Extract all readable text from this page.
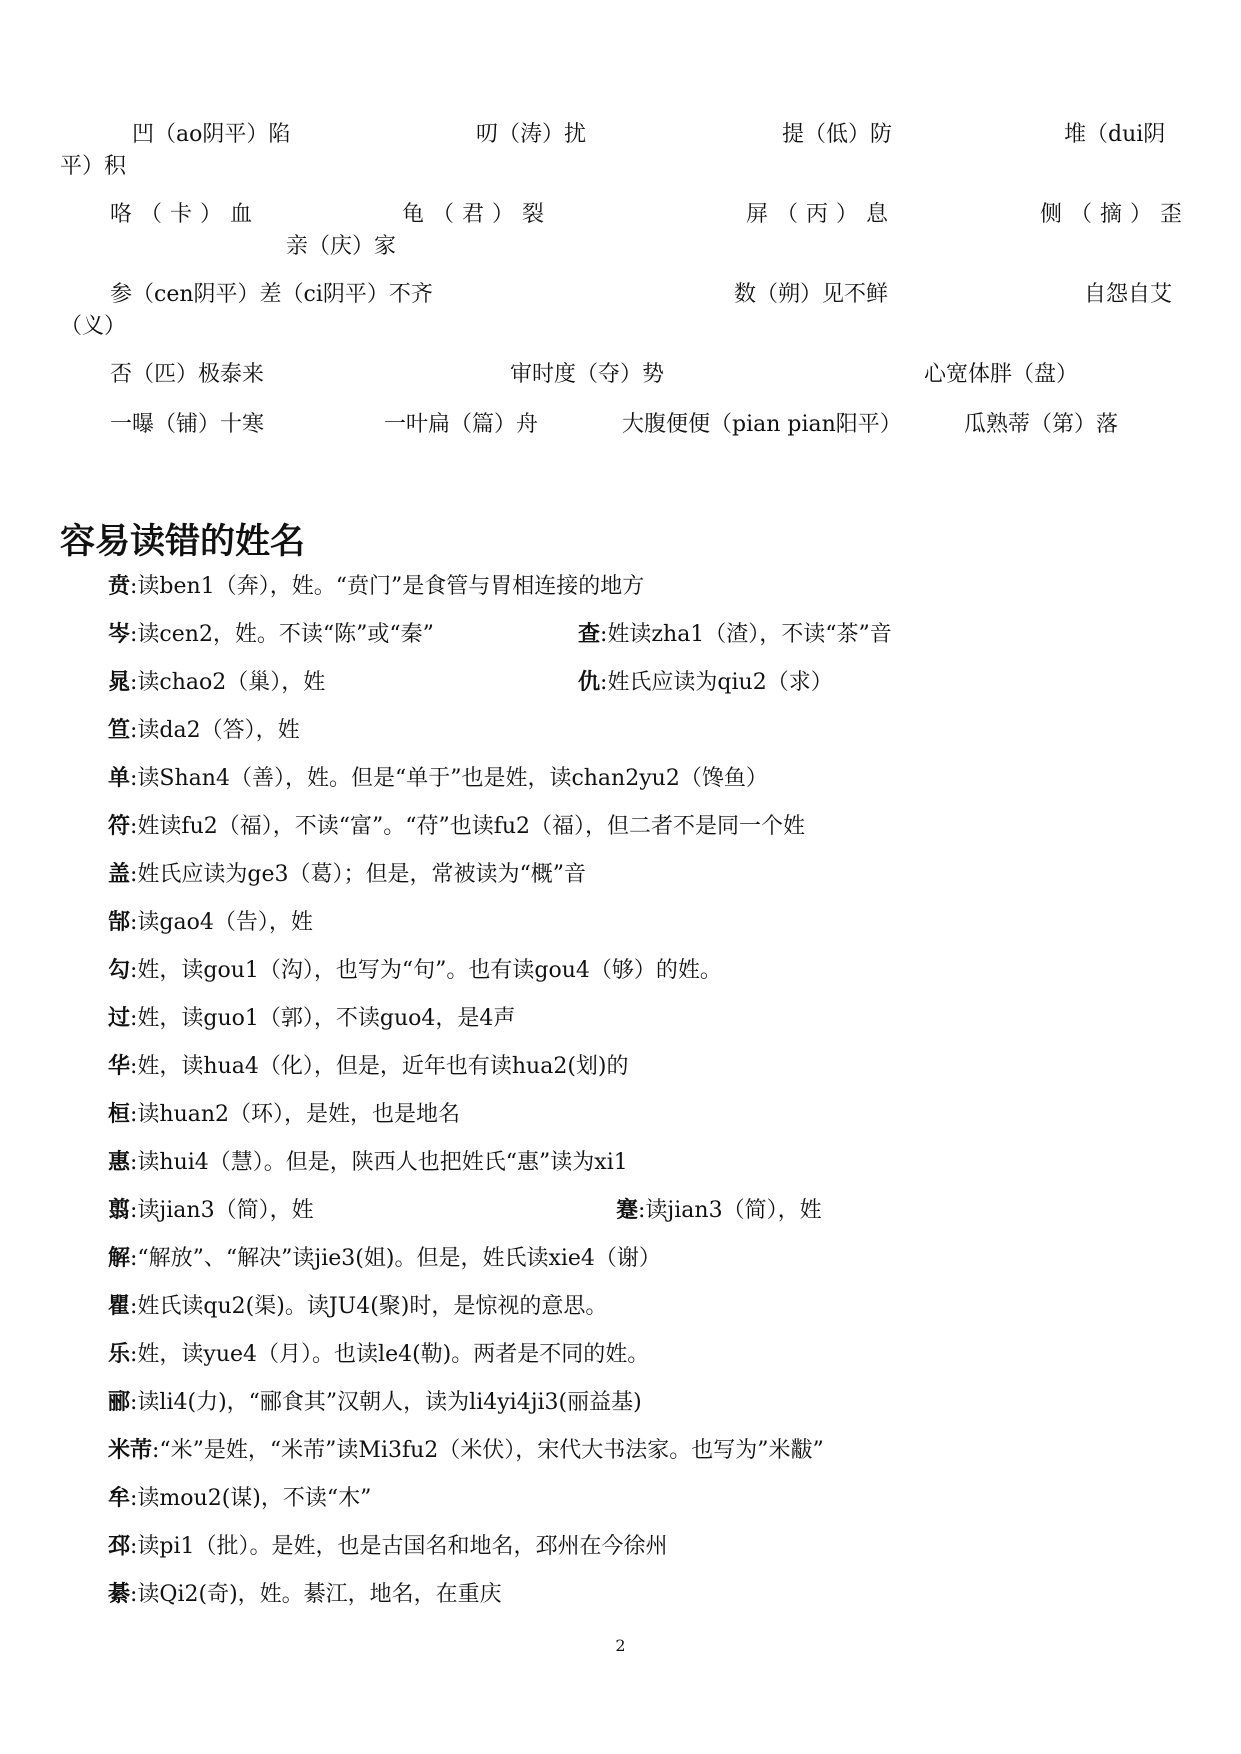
凹（ao阴平）陷	叨（涛）扰	提（低）防	堆（dui阴
平）积
咯（卡）血	龟（君）裂	屏（丙）息	侧（摘）歪
亲（庆）家
参（cen阴平）差（ci阴平）不齐	数（朔）见不鲜	自怨自艾
（义）
否（匹）极泰来	审时度（夺）势	心宽体胖（盘）
一曝（铺）十寒	一叶扁（篇）舟	大腹便便（pian pian阳平）	瓜熟蒂（第）落
容易读错的姓名
贲:读ben1（奔），姓。“贲门”是食管与胃相连接的地方
岑:读cen2，姓。不读“陈”或“秦”	查:姓读zha1（渣），不读“茶”音
晁:读chao2（巢），姓	仇:姓氏应读为qiu2（求）
笪:读da2（答），姓
单:读Shan4（善），姓。但是“单于”也是姓，读chan2yu2（馋鱼）
符:姓读fu2（福），不读“富”。“苻”也读fu2（福），但二者不是同一个姓
盖:姓氏应读为ge3（葛）；但是，常被读为“概”音
郜:读gao4（告），姓
勾:姓，读gou1（沟），也写为“句”。也有读gou4（够）的姓。
过:姓，读guo1（郭），不读guo4，是4声
华:姓，读hua4（化），但是，近年也有读hua2(划)的
桓:读huan2（环），是姓，也是地名
惠:读hui4（慧）。但是，陕西人也把姓氏“惠”读为xi1
翦:读jian3（简），姓	蹇:读jian3（简），姓
解:“解放”、“解决”读jie3(姐)。但是，姓氏读xie4（谢）
瞿:姓氏读qu2(渠)。读JU4(聚)时，是惊视的意思。
乐:姓，读yue4（月）。也读le4(勒)。两者是不同的姓。
郦:读li4(力)，“郦食其”汉朝人，读为li4yi4ji3(丽益基)
米芾:“米”是姓，“米芾”读Mi3fu2（米伏），宋代大书法家。也写为”米黻”
牟:读mou2(谋)，不读“木”
邳:读pi1（批）。是姓，也是古国名和地名，邳州在今徐州
綦:读Qi2(奇)，姓。綦江，地名，在重庆
2
